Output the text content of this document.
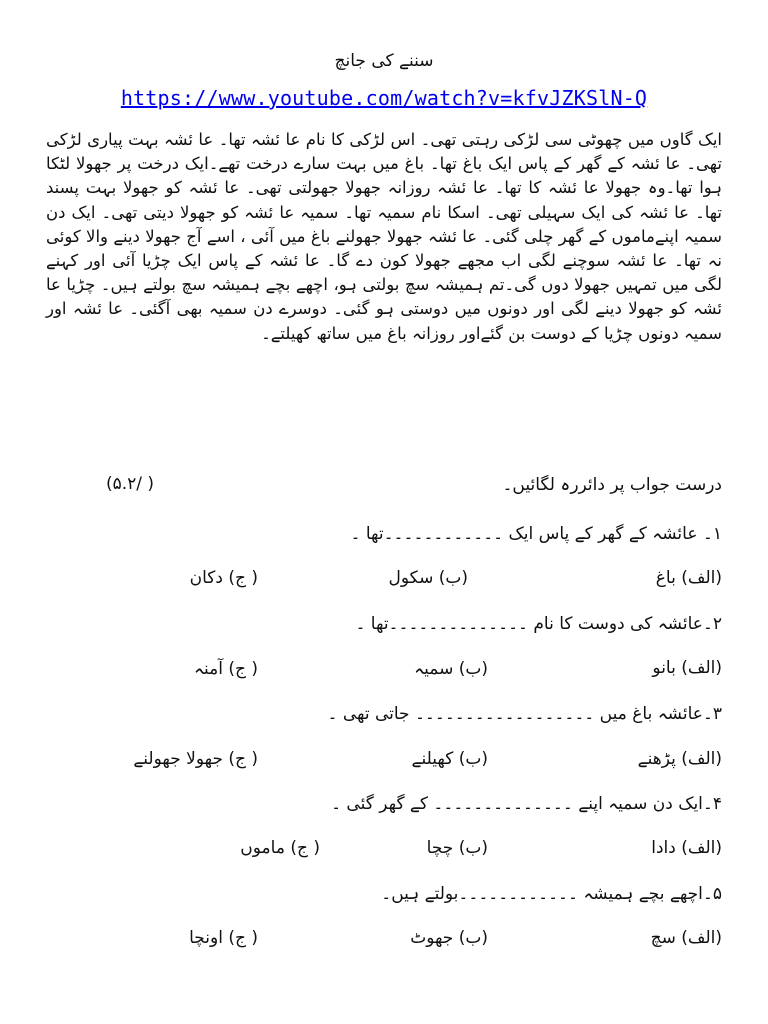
سننے کی جانچ
https://www.youtube.com/watch?v=kfvJZKSlN-Q
ایک گاوں میں چھوٹی سی لڑکی رہتی تھی۔ اس لڑکی کا نام عا ئشہ تھا۔ عا ئشہ بہت پیاری لڑکی تھی۔ عا ئشہ کے گھر کے پاس ایک باغ تھا۔ باغ میں بہت سارے درخت تھے۔ایک درخت پر جھولا لٹکا ہوا تھا۔وہ جھولا عا ئشہ کا تھا۔ عا ئشہ روزانہ جھولا جھولتی تھی۔ عا ئشہ کو جھولا بہت پسند تھا۔ عا ئشہ کی ایک سہیلی تھی۔ اسکا نام سمیہ تھا۔ سمیہ عا ئشہ کو جھولا دیتی تھی۔ ایک دن سمیہ اپنےماموں کے گھر چلی گئی۔ عا ئشہ جھولا جھولنے باغ میں آئی ، اسے آج جھولا دینے والا کوئی نہ تھا۔ عا ئشہ سوچنے لگی اب مجھے جھولا کون دے گا۔ عا ئشہ کے پاس ایک چڑیا آئی اور کہنے لگی میں تمہیں جھولا دوں گی۔تم ہمیشہ سچ بولتی ہو، اچھے بچے ہمیشہ سچ بولتے ہیں۔ چڑیا عا ئشہ کو جھولا دینے لگی اور دونوں میں دوستی ہو گئی۔ دوسرے دن سمیہ بھی آگئی۔ عا ئشہ اور سمیہ دونوں چڑیا کے دوست بن گئےاور روزانہ باغ میں ساتھ کھیلتے۔
درست جواب پر دائررہ لگائیں۔
(۵.۲/ )
۱۔ عائشہ کے گھر کے پاس ایک ۔۔۔۔۔۔۔۔۔۔۔۔تھا ۔
(الف) باغ
(ب) سکول
( ج) دکان
۲۔عائشہ کی دوست کا نام ۔۔۔۔۔۔۔۔۔۔۔۔۔۔تھا ۔
(الف) بانو
(ب) سمیہ
( ج) آمنہ
۳۔عائشہ باغ میں ۔۔۔۔۔۔۔۔۔۔۔۔۔۔۔۔۔۔ جاتی تھی ۔
(الف) پڑھنے
(ب) کھیلنے
( ج) جھولا جھولنے
۴۔ایک دن سمیہ اپنے ۔۔۔۔۔۔۔۔۔۔۔۔۔۔ کے گھر گئی ۔
(الف) دادا
(ب) چچا
( ج) ماموں
۵۔اچھے بچے ہمیشہ ۔۔۔۔۔۔۔۔۔۔۔۔بولتے ہیں۔
(الف) سچ
(ب) جھوٹ
( ج) اونچا
